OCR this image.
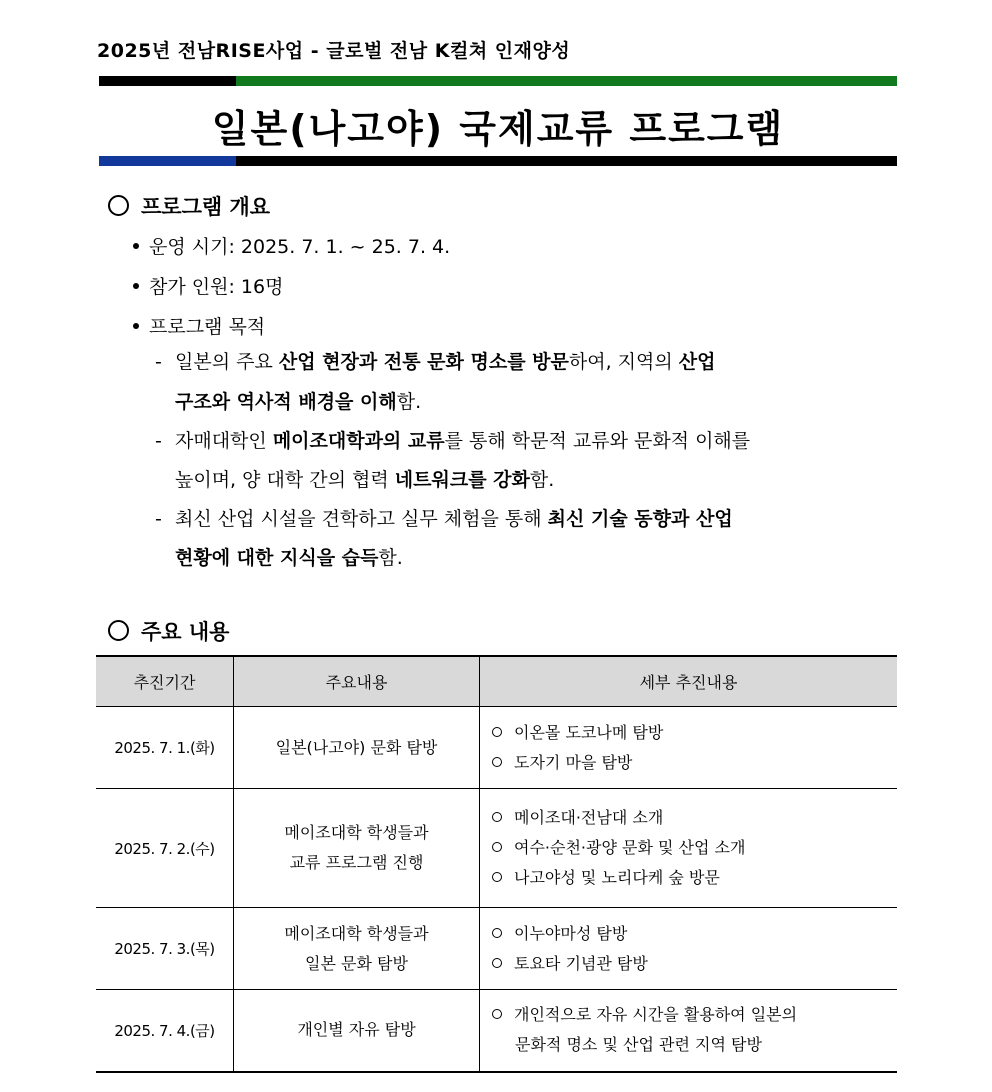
2025년 전남RISE사업 - 글로벌 전남 K컬쳐 인재양성
일본(나고야) 국제교류 프로그램
프로그램 개요
운영 시기: 2025. 7. 1. ~ 25. 7. 4.
참가 인원: 16명
프로그램 목적
- 일본의 주요 산업 현장과 전통 문화 명소를 방문하여, 지역의 산업
구조와 역사적 배경을 이해함.
- 자매대학인 메이조대학과의 교류를 통해 학문적 교류와 문화적 이해를
높이며, 양 대학 간의 협력 네트워크를 강화함.
- 최신 산업 시설을 견학하고 실무 체험을 통해 최신 기술 동향과 산업
현황에 대한 지식을 습득함.
주요 내용
추진기간	주요내용	세부 추진내용
2025. 7. 1.(화)	일본(나고야) 문화 탐방	이온몰 도코나메 탐방
도자기 마을 탐방

2025. 7. 2.(수)	메이조대학 학생들과
교류 프로그램 진행	메이조대·전남대 소개
여수·순천·광양 문화 및 산업 소개
나고야성 및 노리다케 숲 방문

2025. 7. 3.(목)	메이조대학 학생들과
일본 문화 탐방	이누야마성 탐방
토요타 기념관 탐방

2025. 7. 4.(금)	개인별 자유 탐방	개인적으로 자유 시간을 활용하여 일본의
문화적 명소 및 산업 관련 지역 탐방
